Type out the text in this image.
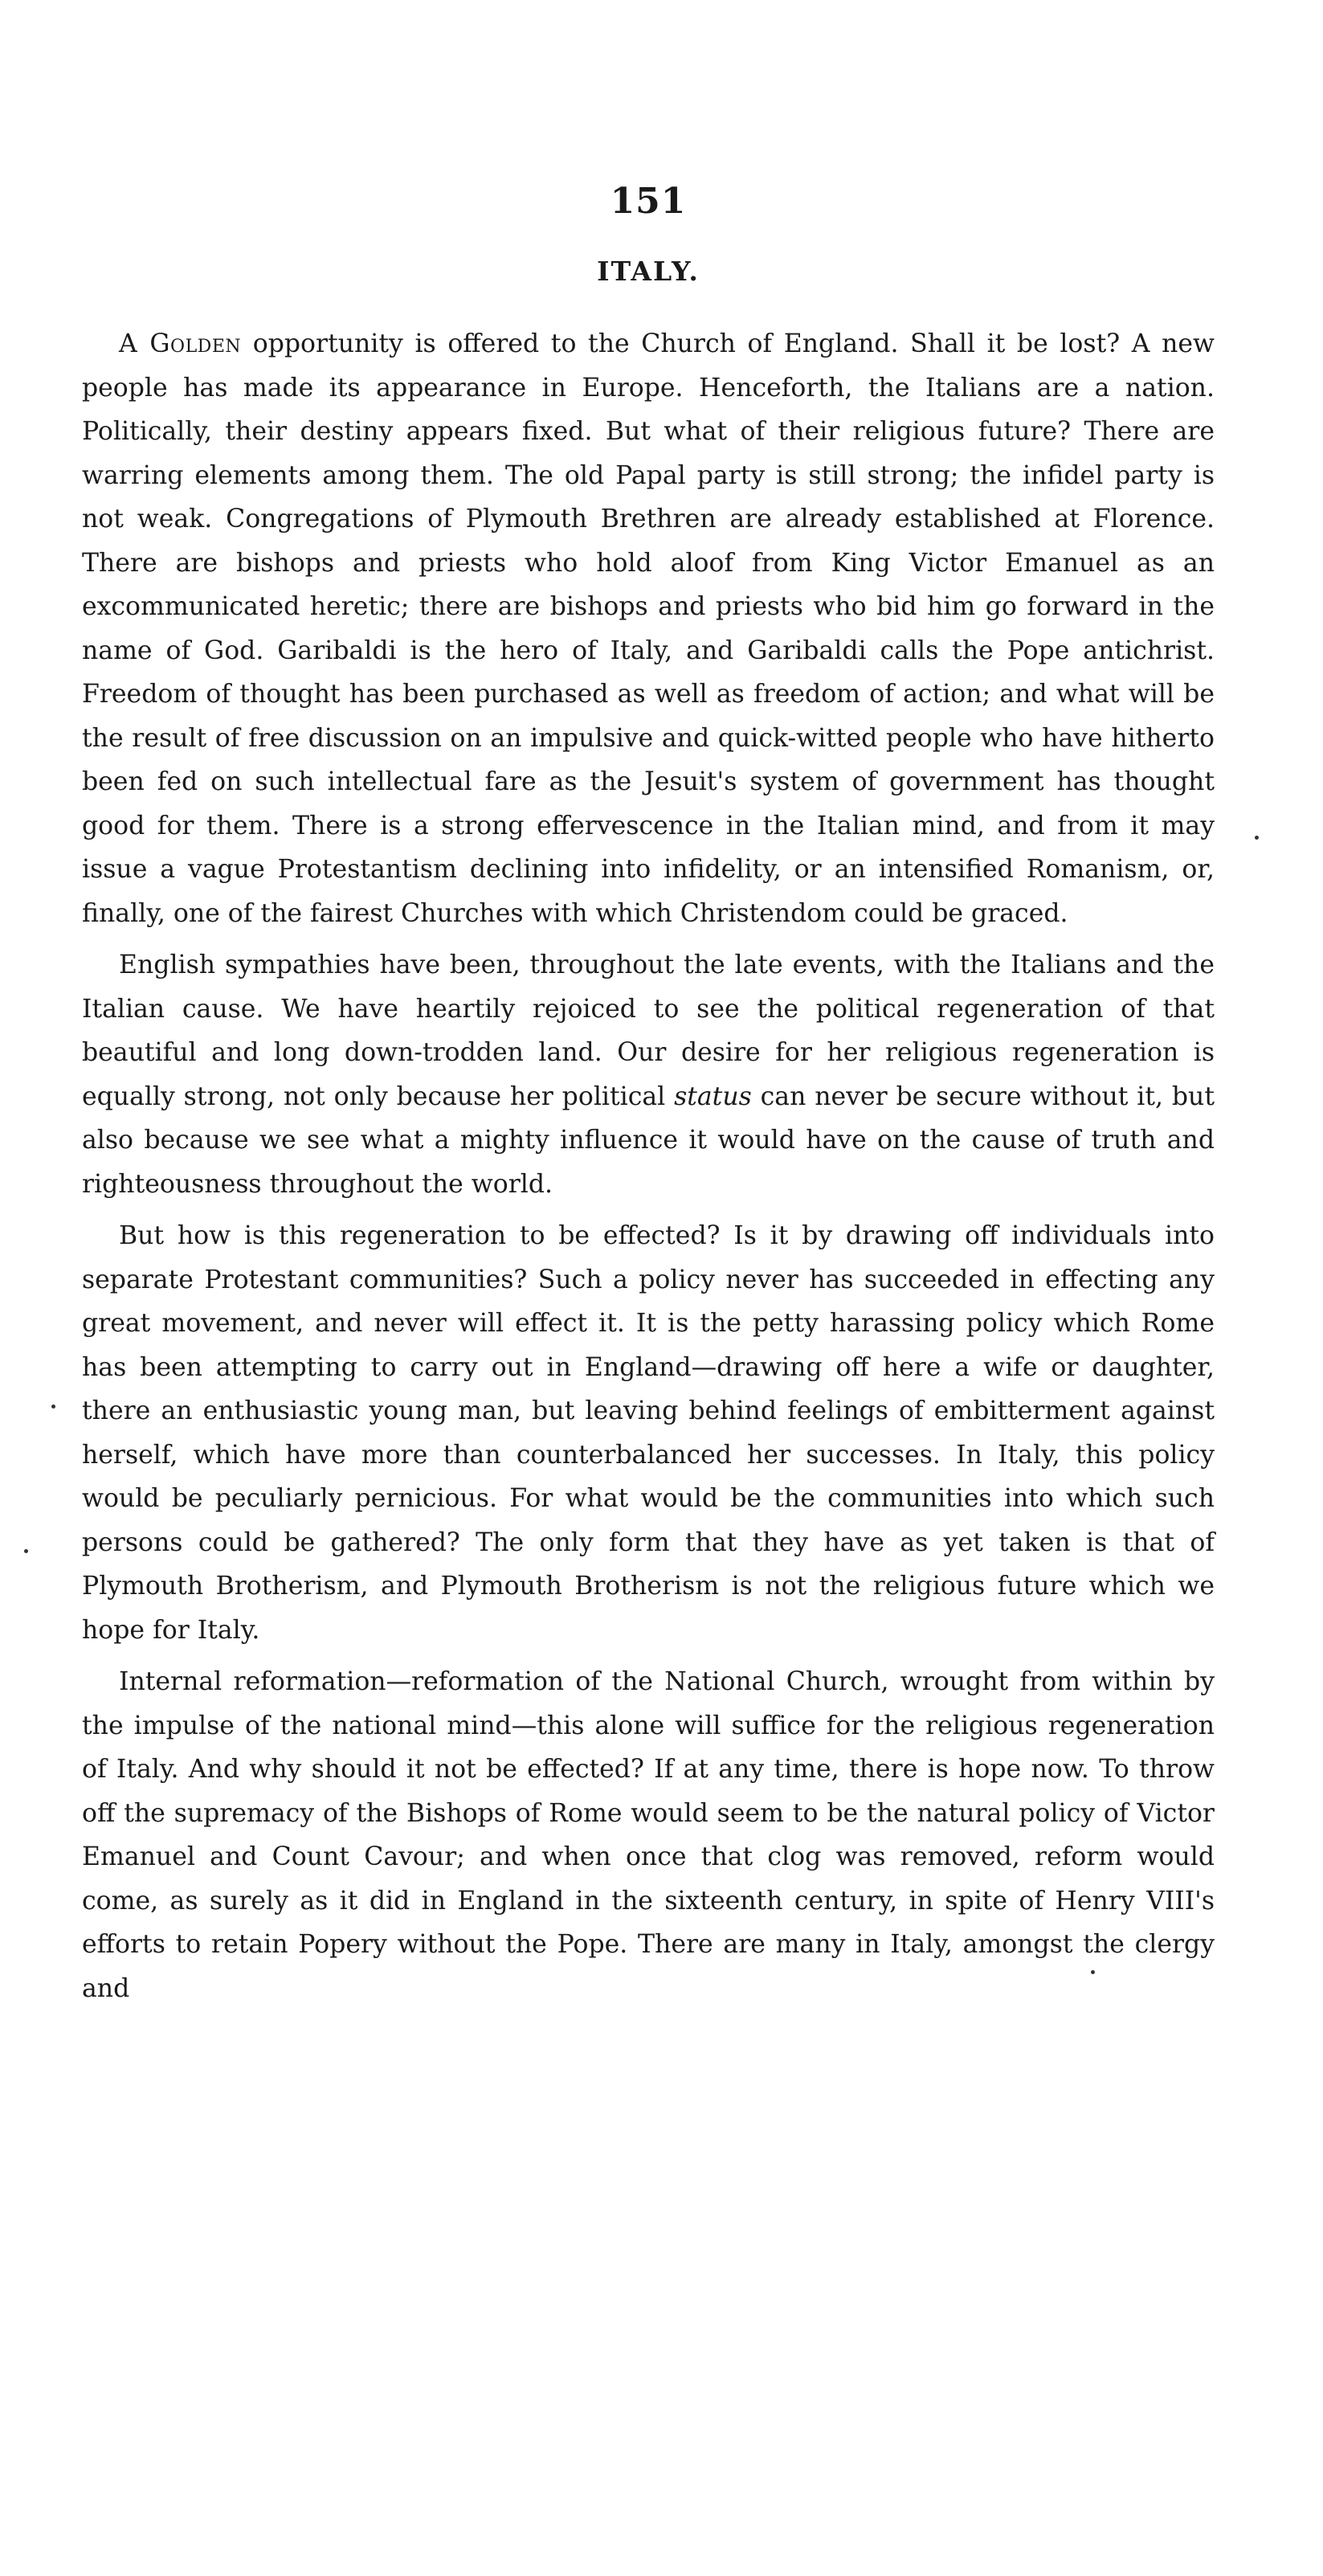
151
ITALY.

A Golden opportunity is offered to the Church of England. Shall it be lost? A new people has made its appearance in Europe. Henceforth, the Italians are a nation. Politically, their destiny appears fixed. But what of their religious future? There are warring elements among them. The old Papal party is still strong; the infidel party is not weak. Congregations of Plymouth Brethren are already established at Florence. There are bishops and priests who hold aloof from King Victor Emanuel as an excommunicated heretic; there are bishops and priests who bid him go forward in the name of God. Garibaldi is the hero of Italy, and Garibaldi calls the Pope antichrist. Freedom of thought has been purchased as well as freedom of action; and what will be the result of free discussion on an impulsive and quick-witted people who have hitherto been fed on such intellectual fare as the Jesuit's system of government has thought good for them. There is a strong effervescence in the Italian mind, and from it may issue a vague Protestantism declining into infidelity, or an intensified Romanism, or, finally, one of the fairest Churches with which Christendom could be graced.

English sympathies have been, throughout the late events, with the Italians and the Italian cause. We have heartily rejoiced to see the political regeneration of that beautiful and long down-trodden land. Our desire for her religious regeneration is equally strong, not only because her political status can never be secure without it, but also because we see what a mighty influence it would have on the cause of truth and righteousness throughout the world.

But how is this regeneration to be effected? Is it by drawing off individuals into separate Protestant communities? Such a policy never has succeeded in effecting any great movement, and never will effect it. It is the petty harassing policy which Rome has been attempting to carry out in England—drawing off here a wife or daughter, there an enthusiastic young man, but leaving behind feelings of embitterment against herself, which have more than counterbalanced her successes. In Italy, this policy would be peculiarly pernicious. For what would be the communities into which such persons could be gathered? The only form that they have as yet taken is that of Plymouth Brotherism, and Plymouth Brotherism is not the religious future which we hope for Italy.

Internal reformation—reformation of the National Church, wrought from within by the impulse of the national mind—this alone will suffice for the religious regeneration of Italy. And why should it not be effected? If at any time, there is hope now. To throw off the supremacy of the Bishops of Rome would seem to be the natural policy of Victor Emanuel and Count Cavour; and when once that clog was removed, reform would come, as surely as it did in England in the sixteenth century, in spite of Henry VIII's efforts to retain Popery without the Pope. There are many in Italy, amongst the clergy and
